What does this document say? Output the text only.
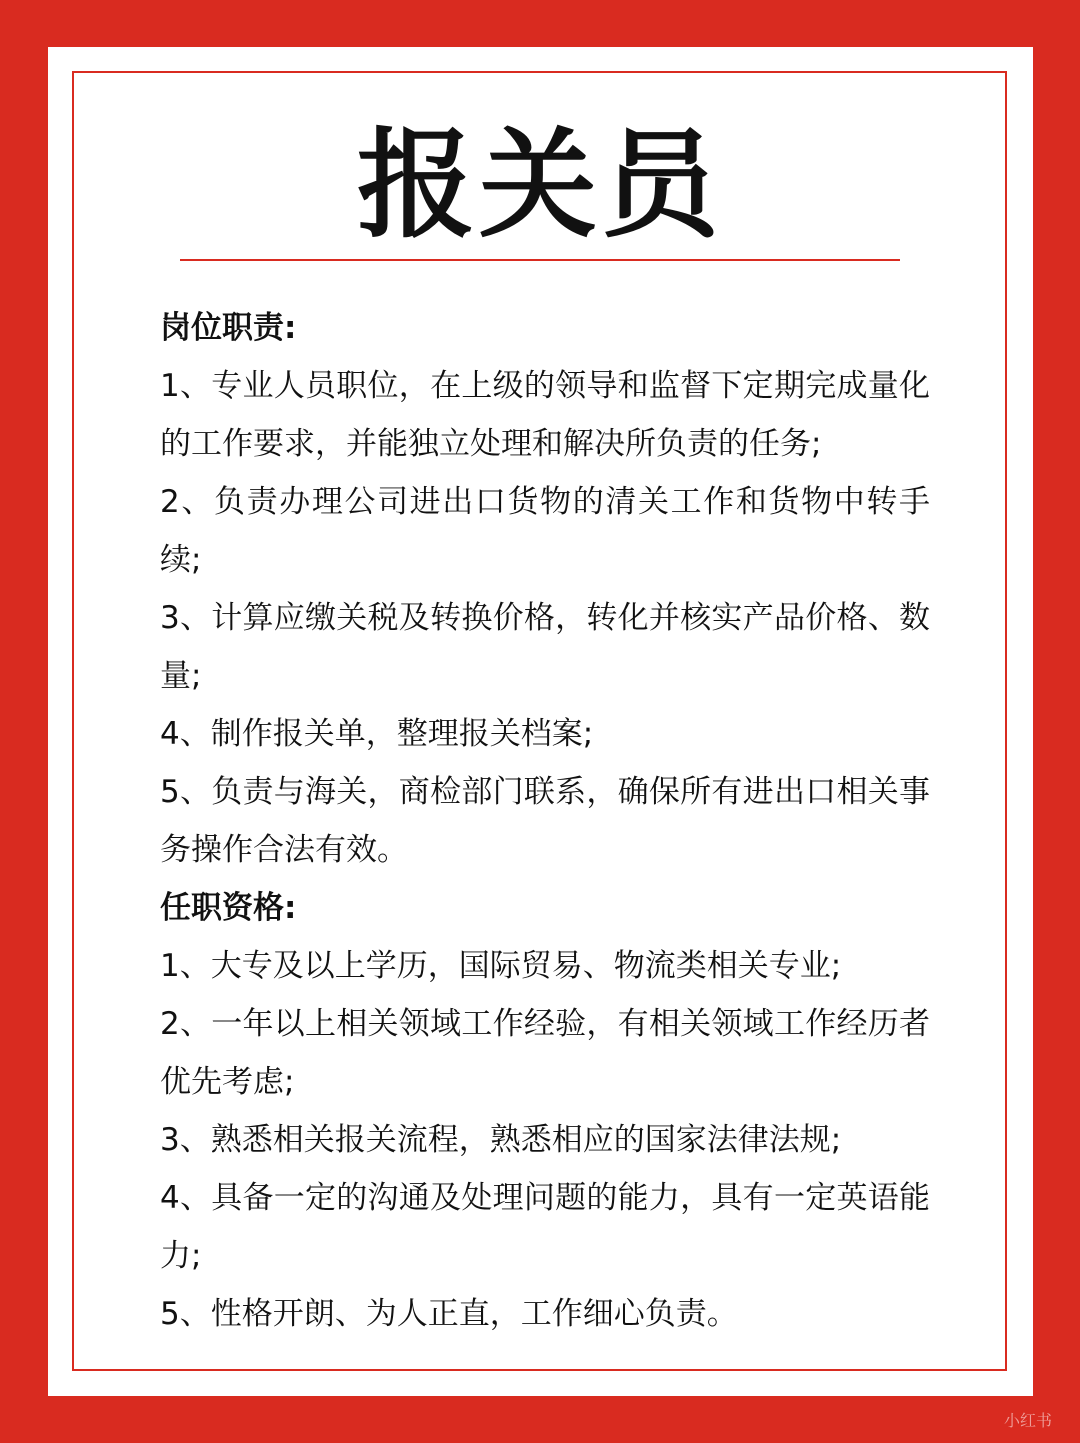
报关员

岗位职责:

1、专业人员职位，在上级的领导和监督下定期完成量化的工作要求，并能独立处理和解决所负责的任务;

2、负责办理公司进出口货物的清关工作和货物中转手续;

3、计算应缴关税及转换价格，转化并核实产品价格、数量;

4、制作报关单，整理报关档案;

5、负责与海关，商检部门联系，确保所有进出口相关事务操作合法有效。

任职资格:

1、大专及以上学历，国际贸易、物流类相关专业;

2、一年以上相关领域工作经验，有相关领域工作经历者优先考虑;

3、熟悉相关报关流程，熟悉相应的国家法律法规;

4、具备一定的沟通及处理问题的能力，具有一定英语能力;

5、性格开朗、为人正直，工作细心负责。

小红书
